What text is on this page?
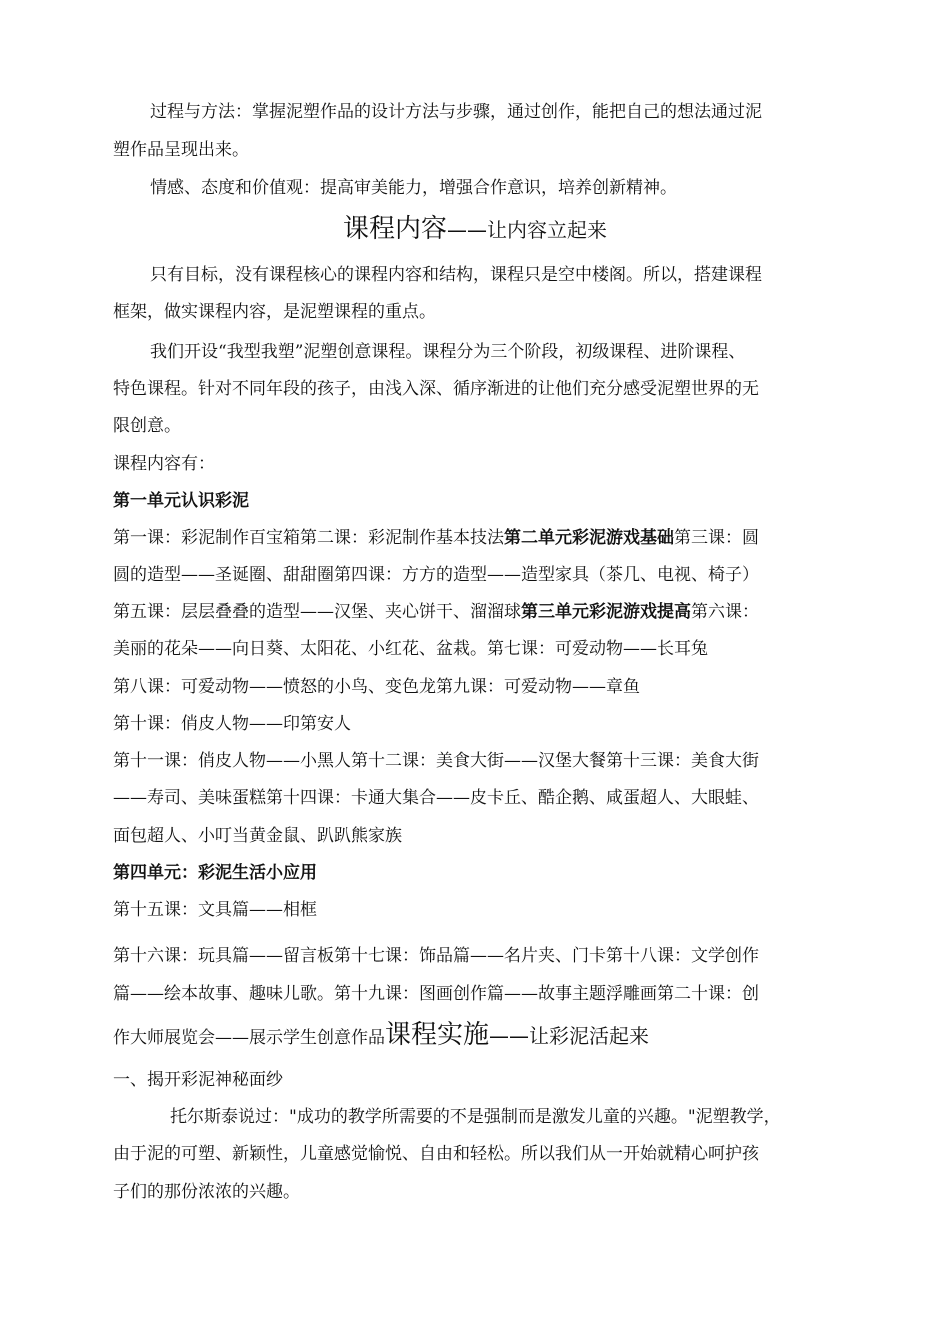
过程与方法：掌握泥塑作品的设计方法与步骤，通过创作，能把自己的想法通过泥
塑作品呈现出来。
情感、态度和价值观：提高审美能力，增强合作意识，培养创新精神。
课程内容——让内容立起来
只有目标，没有课程核心的课程内容和结构，课程只是空中楼阁。所以，搭建课程
框架，做实课程内容，是泥塑课程的重点。
我们开设“我型我塑”泥塑创意课程。课程分为三个阶段，初级课程、进阶课程、
特色课程。针对不同年段的孩子，由浅入深、循序渐进的让他们充分感受泥塑世界的无
限创意。
课程内容有：
第一单元认识彩泥
第一课：彩泥制作百宝箱第二课：彩泥制作基本技法第二单元彩泥游戏基础第三课：圆
圆的造型——圣诞圈、甜甜圈第四课：方方的造型——造型家具（茶几、电视、椅子）
第五课：层层叠叠的造型——汉堡、夹心饼干、溜溜球第三单元彩泥游戏提高第六课：
美丽的花朵——向日葵、太阳花、小红花、盆栽。第七课：可爱动物——长耳兔
第八课：可爱动物——愤怒的小鸟、变色龙第九课：可爱动物——章鱼
第十课：俏皮人物——印第安人
第十一课：俏皮人物——小黑人第十二课：美食大街——汉堡大餐第十三课：美食大街
——寿司、美味蛋糕第十四课：卡通大集合——皮卡丘、酷企鹅、咸蛋超人、大眼蛙、
面包超人、小叮当黄金鼠、趴趴熊家族
第四单元：彩泥生活小应用
第十五课：文具篇——相框
第十六课：玩具篇——留言板第十七课：饰品篇——名片夹、门卡第十八课：文学创作
篇——绘本故事、趣味儿歌。第十九课：图画创作篇——故事主题浮雕画第二十课：创
作大师展览会——展示学生创意作品课程实施——让彩泥活起来
一、揭开彩泥神秘面纱
托尔斯泰说过："成功的教学所需要的不是强制而是激发儿童的兴趣。"泥塑教学，
由于泥的可塑、新颖性，儿童感觉愉悦、自由和轻松。所以我们从一开始就精心呵护孩
子们的那份浓浓的兴趣。
